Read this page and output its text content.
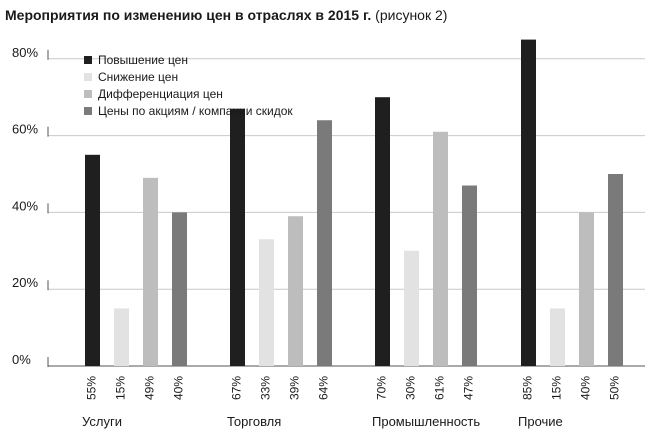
Мероприятия по изменению цен в отраслях в 2015 г. (рисунок 2)
0%
20%
40%
60%
80%
55% 15% 49% 40%
Услуги
67% 33% 39% 64%
Торговля
70% 30% 61% 47%
Промышленность
85% 15% 40% 50%
Прочие
Повышение цен
Снижение цен
Дифференциация цен
Цены по акциям / компании скидок
